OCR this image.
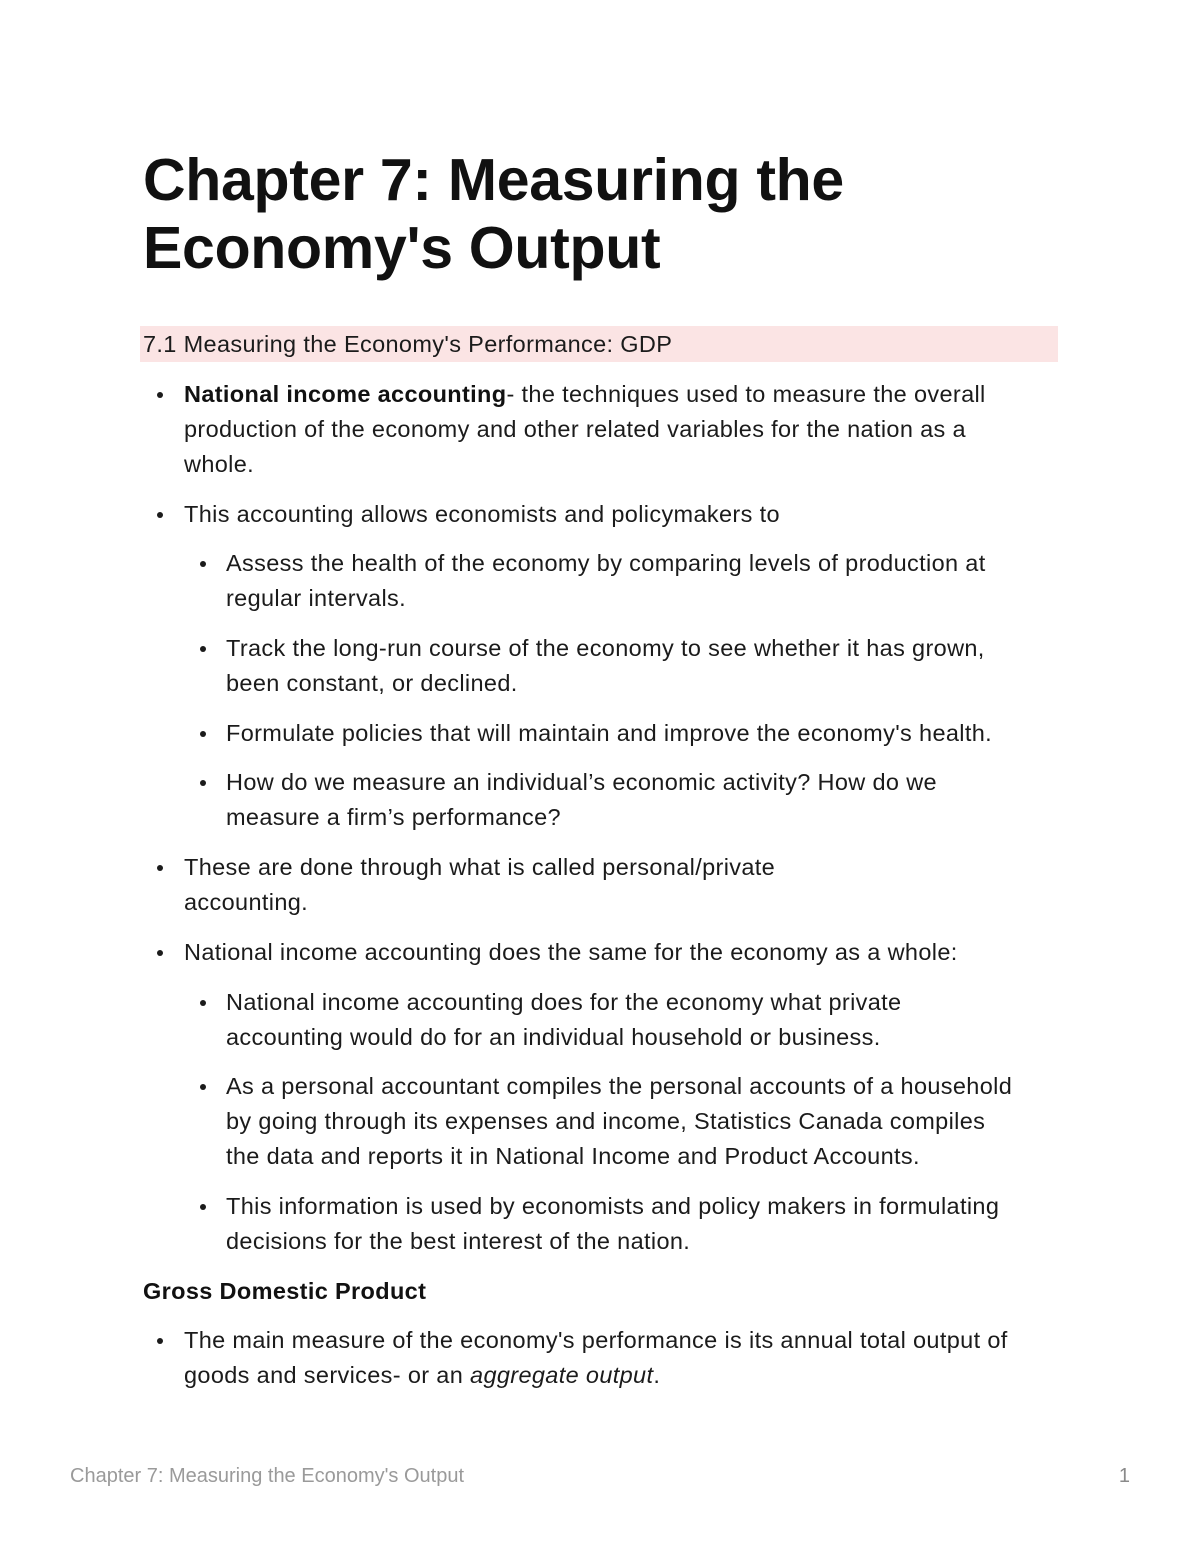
Chapter 7: Measuring the
Economy's Output
7.1 Measuring the Economy's Performance: GDP
National income accounting- the techniques used to measure the overall
production of the economy and other related variables for the nation as a
whole.
This accounting allows economists and policymakers to
Assess the health of the economy by comparing levels of production at
regular intervals.
Track the long-run course of the economy to see whether it has grown,
been constant, or declined.
Formulate policies that will maintain and improve the economy's health.
How do we measure an individual’s economic activity? How do we
measure a firm’s performance?
These are done through what is called personal/private
accounting.
National income accounting does the same for the economy as a whole:
National income accounting does for the economy what private
accounting would do for an individual household or business.
As a personal accountant compiles the personal accounts of a household
by going through its expenses and income, Statistics Canada compiles
the data and reports it in National Income and Product Accounts.
This information is used by economists and policy makers in formulating
decisions for the best interest of the nation.
Gross Domestic Product
The main measure of the economy's performance is its annual total output of
goods and services- or an aggregate output.
Chapter 7: Measuring the Economy's Output	1
